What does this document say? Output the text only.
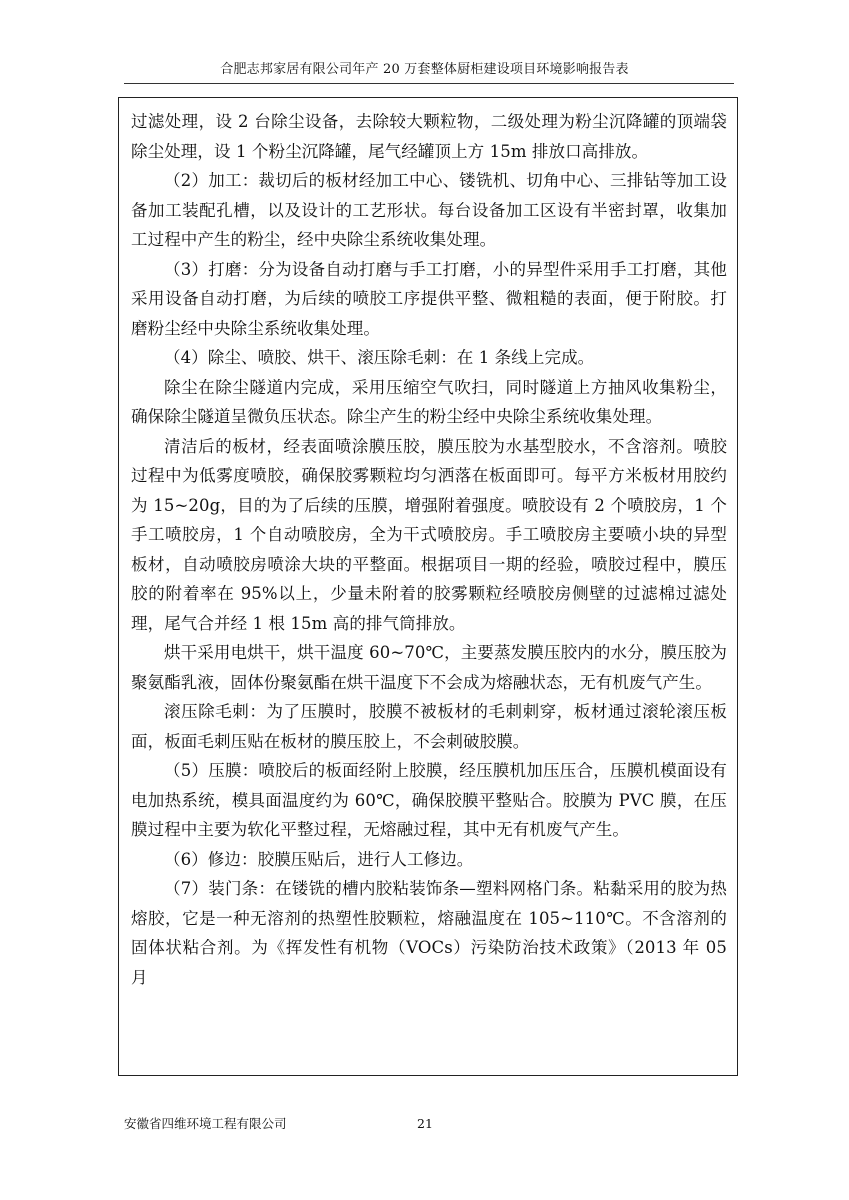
合肥志邦家居有限公司年产 20 万套整体厨柜建设项目环境影响报告表

过滤处理，设 2 台除尘设备，去除较大颗粒物，二级处理为粉尘沉降罐的顶端袋除尘处理，设 1 个粉尘沉降罐，尾气经罐顶上方 15m 排放口高排放。

（2）加工：裁切后的板材经加工中心、镂铣机、切角中心、三排钻等加工设备加工装配孔槽，以及设计的工艺形状。每台设备加工区设有半密封罩，收集加工过程中产生的粉尘，经中央除尘系统收集处理。

（3）打磨：分为设备自动打磨与手工打磨，小的异型件采用手工打磨，其他采用设备自动打磨，为后续的喷胶工序提供平整、微粗糙的表面，便于附胶。打磨粉尘经中央除尘系统收集处理。

（4）除尘、喷胶、烘干、滚压除毛刺：在 1 条线上完成。

除尘在除尘隧道内完成，采用压缩空气吹扫，同时隧道上方抽风收集粉尘，确保除尘隧道呈微负压状态。除尘产生的粉尘经中央除尘系统收集处理。

清洁后的板材，经表面喷涂膜压胶，膜压胶为水基型胶水，不含溶剂。喷胶过程中为低雾度喷胶，确保胶雾颗粒均匀洒落在板面即可。每平方米板材用胶约为 15~20g，目的为了后续的压膜，增强附着强度。喷胶设有 2 个喷胶房，1 个手工喷胶房，1 个自动喷胶房，全为干式喷胶房。手工喷胶房主要喷小块的异型板材，自动喷胶房喷涂大块的平整面。根据项目一期的经验，喷胶过程中，膜压胶的附着率在 95%以上，少量未附着的胶雾颗粒经喷胶房侧壁的过滤棉过滤处理，尾气合并经 1 根 15m 高的排气筒排放。

烘干采用电烘干，烘干温度 60~70℃，主要蒸发膜压胶内的水分，膜压胶为聚氨酯乳液，固体份聚氨酯在烘干温度下不会成为熔融状态，无有机废气产生。

滚压除毛刺：为了压膜时，胶膜不被板材的毛刺刺穿，板材通过滚轮滚压板面，板面毛刺压贴在板材的膜压胶上，不会刺破胶膜。

（5）压膜：喷胶后的板面经附上胶膜，经压膜机加压压合，压膜机模面设有电加热系统，模具面温度约为 60℃，确保胶膜平整贴合。胶膜为 PVC 膜，在压膜过程中主要为软化平整过程，无熔融过程，其中无有机废气产生。

（6）修边：胶膜压贴后，进行人工修边。

（7）装门条：在镂铣的槽内胶粘装饰条—塑料网格门条。粘黏采用的胶为热熔胶，它是一种无溶剂的热塑性胶颗粒，熔融温度在 105~110℃。不含溶剂的固体状粘合剂。为《挥发性有机物（VOCs）污染防治技术政策》（2013 年 05 月

安徽省四维环境工程有限公司	21
